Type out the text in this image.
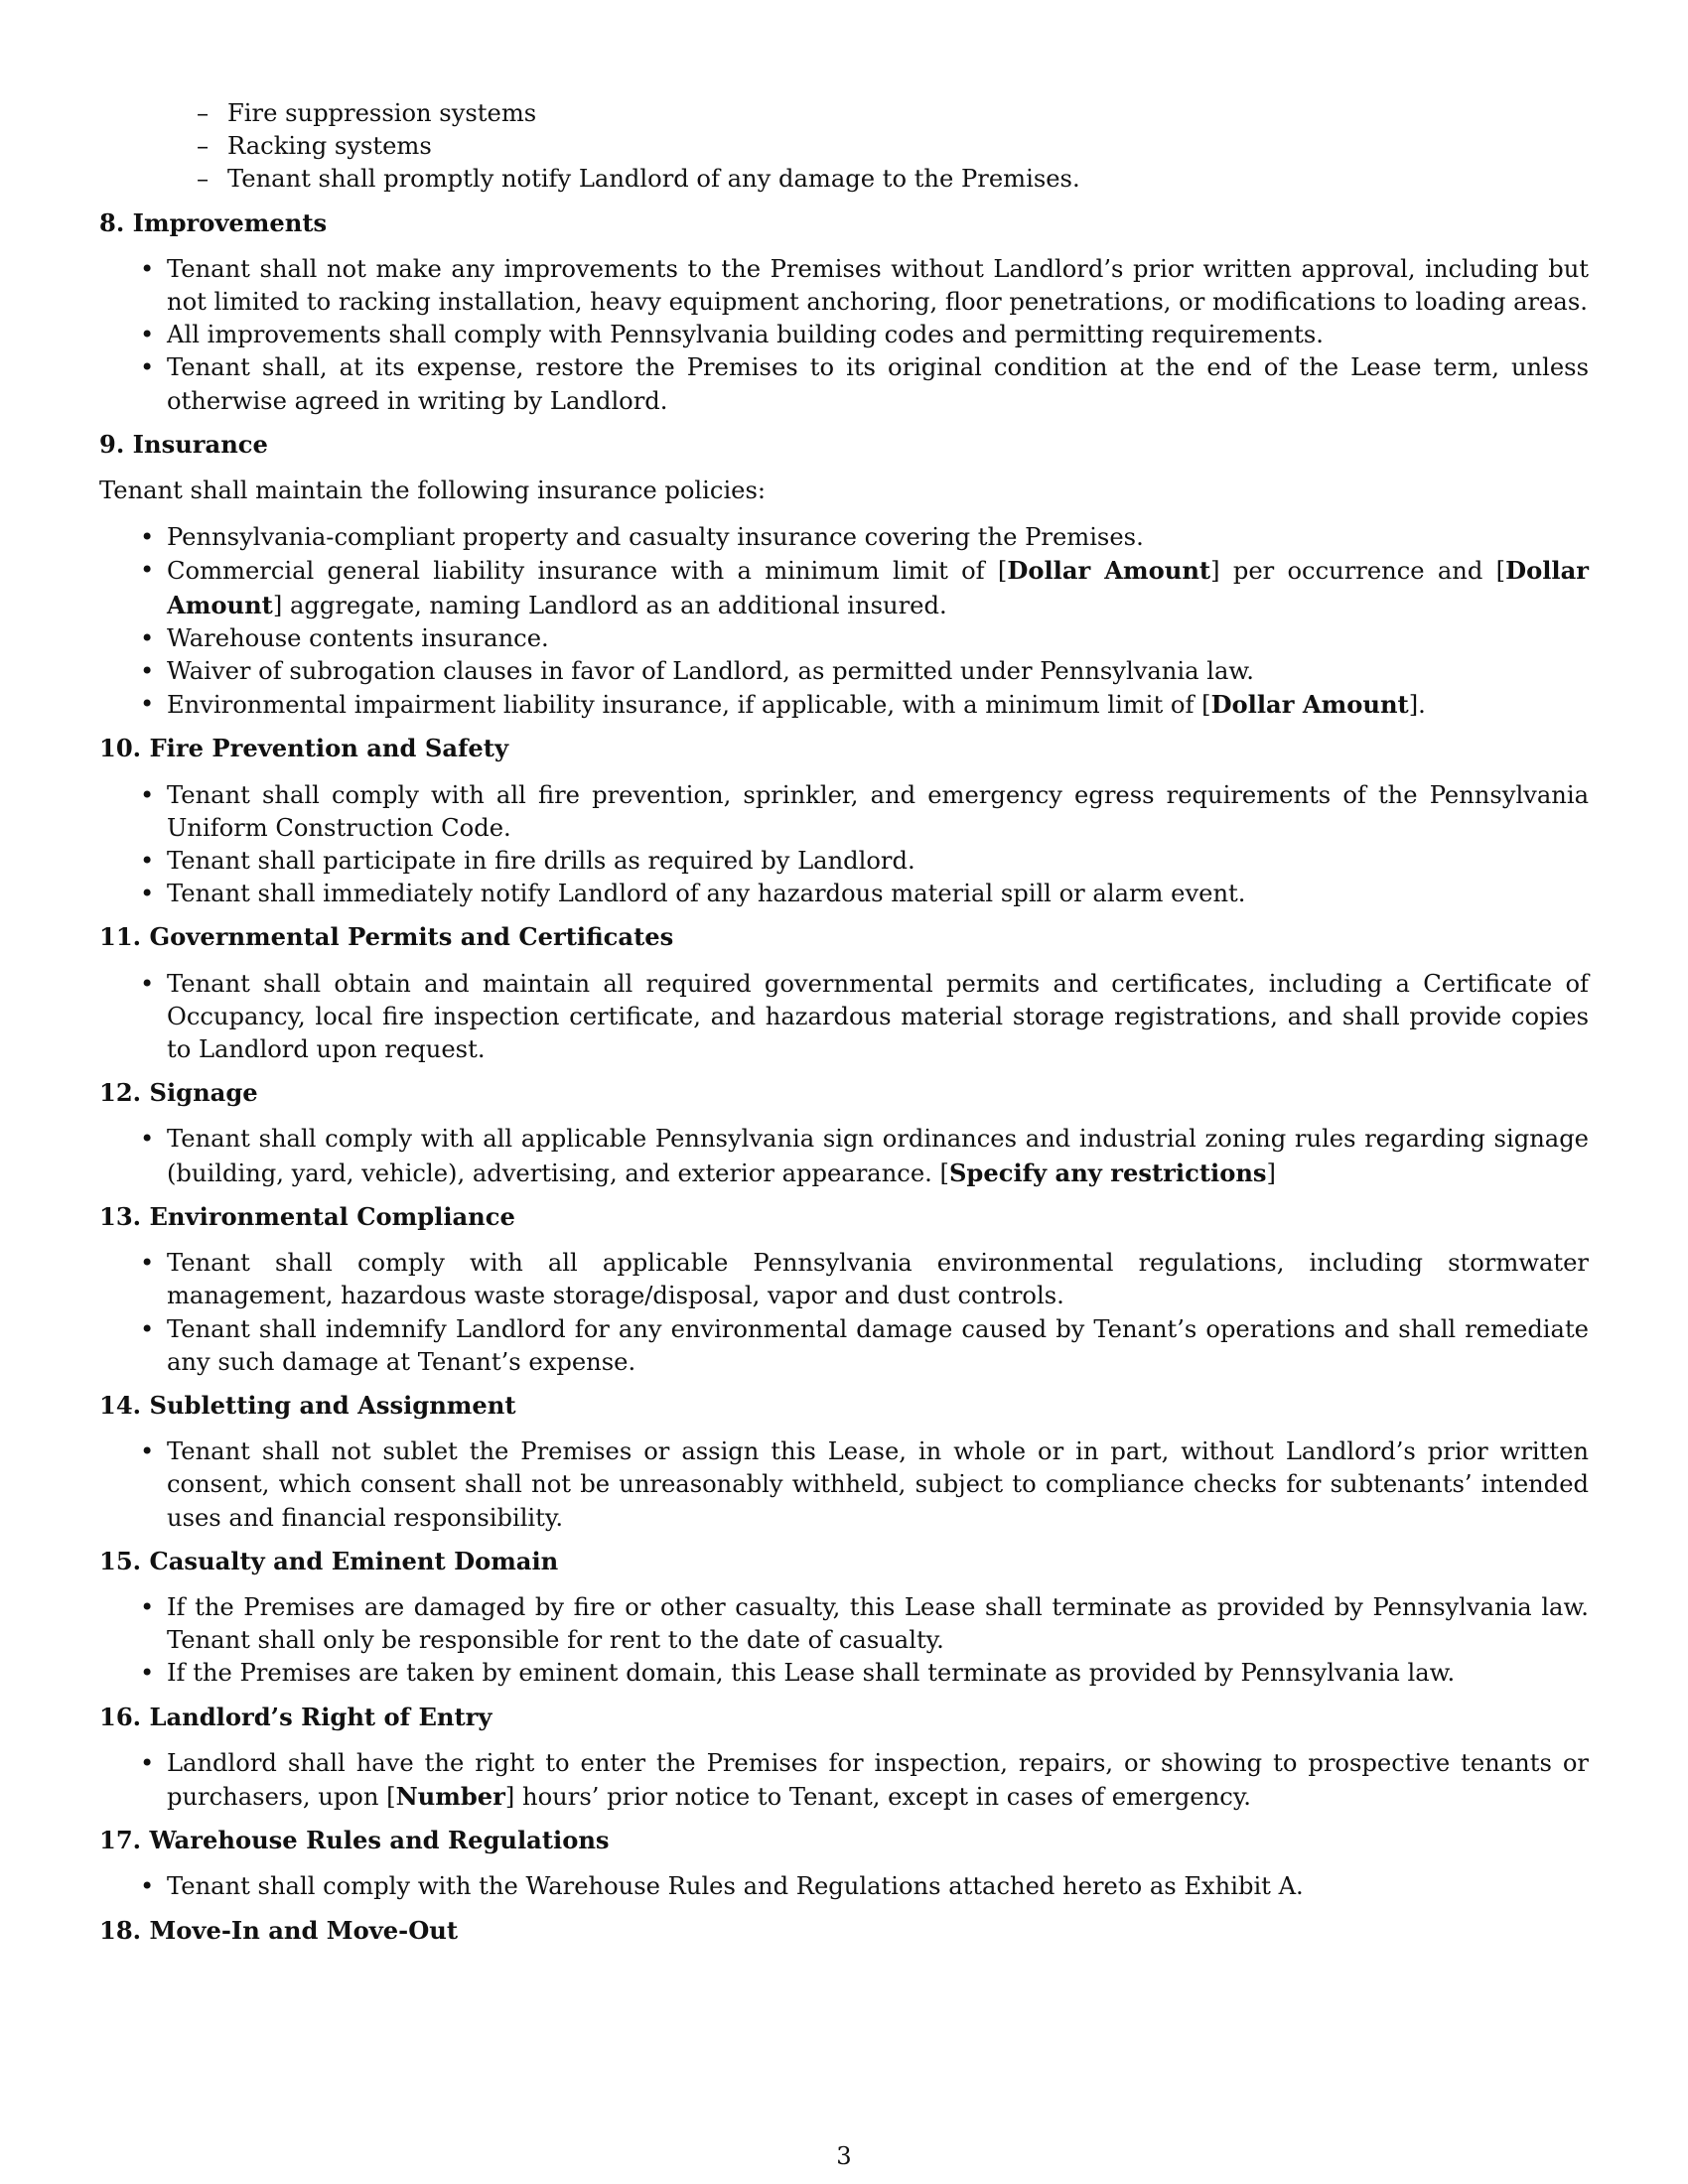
– Fire suppression systems
– Racking systems
– Tenant shall promptly notify Landlord of any damage to the Premises.
8. Improvements
• Tenant shall not make any improvements to the Premises without Landlord’s prior written approval, including but not limited to racking installation, heavy equipment anchoring, floor penetrations, or modifications to loading areas.
• All improvements shall comply with Pennsylvania building codes and permitting requirements.
• Tenant shall, at its expense, restore the Premises to its original condition at the end of the Lease term, unless otherwise agreed in writing by Landlord.
9. Insurance

Tenant shall maintain the following insurance policies:

• Pennsylvania-compliant property and casualty insurance covering the Premises.
• Commercial general liability insurance with a minimum limit of [Dollar Amount] per occurrence and [Dollar Amount] aggregate, naming Landlord as an additional insured.
• Warehouse contents insurance.
• Waiver of subrogation clauses in favor of Landlord, as permitted under Pennsylvania law.
• Environmental impairment liability insurance, if applicable, with a minimum limit of [Dollar Amount].
10. Fire Prevention and Safety
• Tenant shall comply with all fire prevention, sprinkler, and emergency egress requirements of the Pennsylvania Uniform Construction Code.
• Tenant shall participate in fire drills as required by Landlord.
• Tenant shall immediately notify Landlord of any hazardous material spill or alarm event.
11. Governmental Permits and Certificates
• Tenant shall obtain and maintain all required governmental permits and certificates, including a Certificate of Occupancy, local fire inspection certificate, and hazardous material storage registrations, and shall provide copies to Landlord upon request.
12. Signage
• Tenant shall comply with all applicable Pennsylvania sign ordinances and industrial zoning rules regarding signage (building, yard, vehicle), advertising, and exterior appearance. [Specify any restrictions]
13. Environmental Compliance
• Tenant shall comply with all applicable Pennsylvania environmental regulations, including stormwater management, hazardous waste storage/disposal, vapor and dust controls.
• Tenant shall indemnify Landlord for any environmental damage caused by Tenant’s operations and shall remediate any such damage at Tenant’s expense.
14. Subletting and Assignment
• Tenant shall not sublet the Premises or assign this Lease, in whole or in part, without Landlord’s prior written consent, which consent shall not be unreasonably withheld, subject to compliance checks for subtenants’ intended uses and financial responsibility.
15. Casualty and Eminent Domain
• If the Premises are damaged by fire or other casualty, this Lease shall terminate as provided by Pennsylvania law. Tenant shall only be responsible for rent to the date of casualty.
• If the Premises are taken by eminent domain, this Lease shall terminate as provided by Pennsylvania law.
16. Landlord’s Right of Entry
• Landlord shall have the right to enter the Premises for inspection, repairs, or showing to prospective tenants or purchasers, upon [Number] hours’ prior notice to Tenant, except in cases of emergency.
17. Warehouse Rules and Regulations
• Tenant shall comply with the Warehouse Rules and Regulations attached hereto as Exhibit A.
18. Move-In and Move-Out
3
